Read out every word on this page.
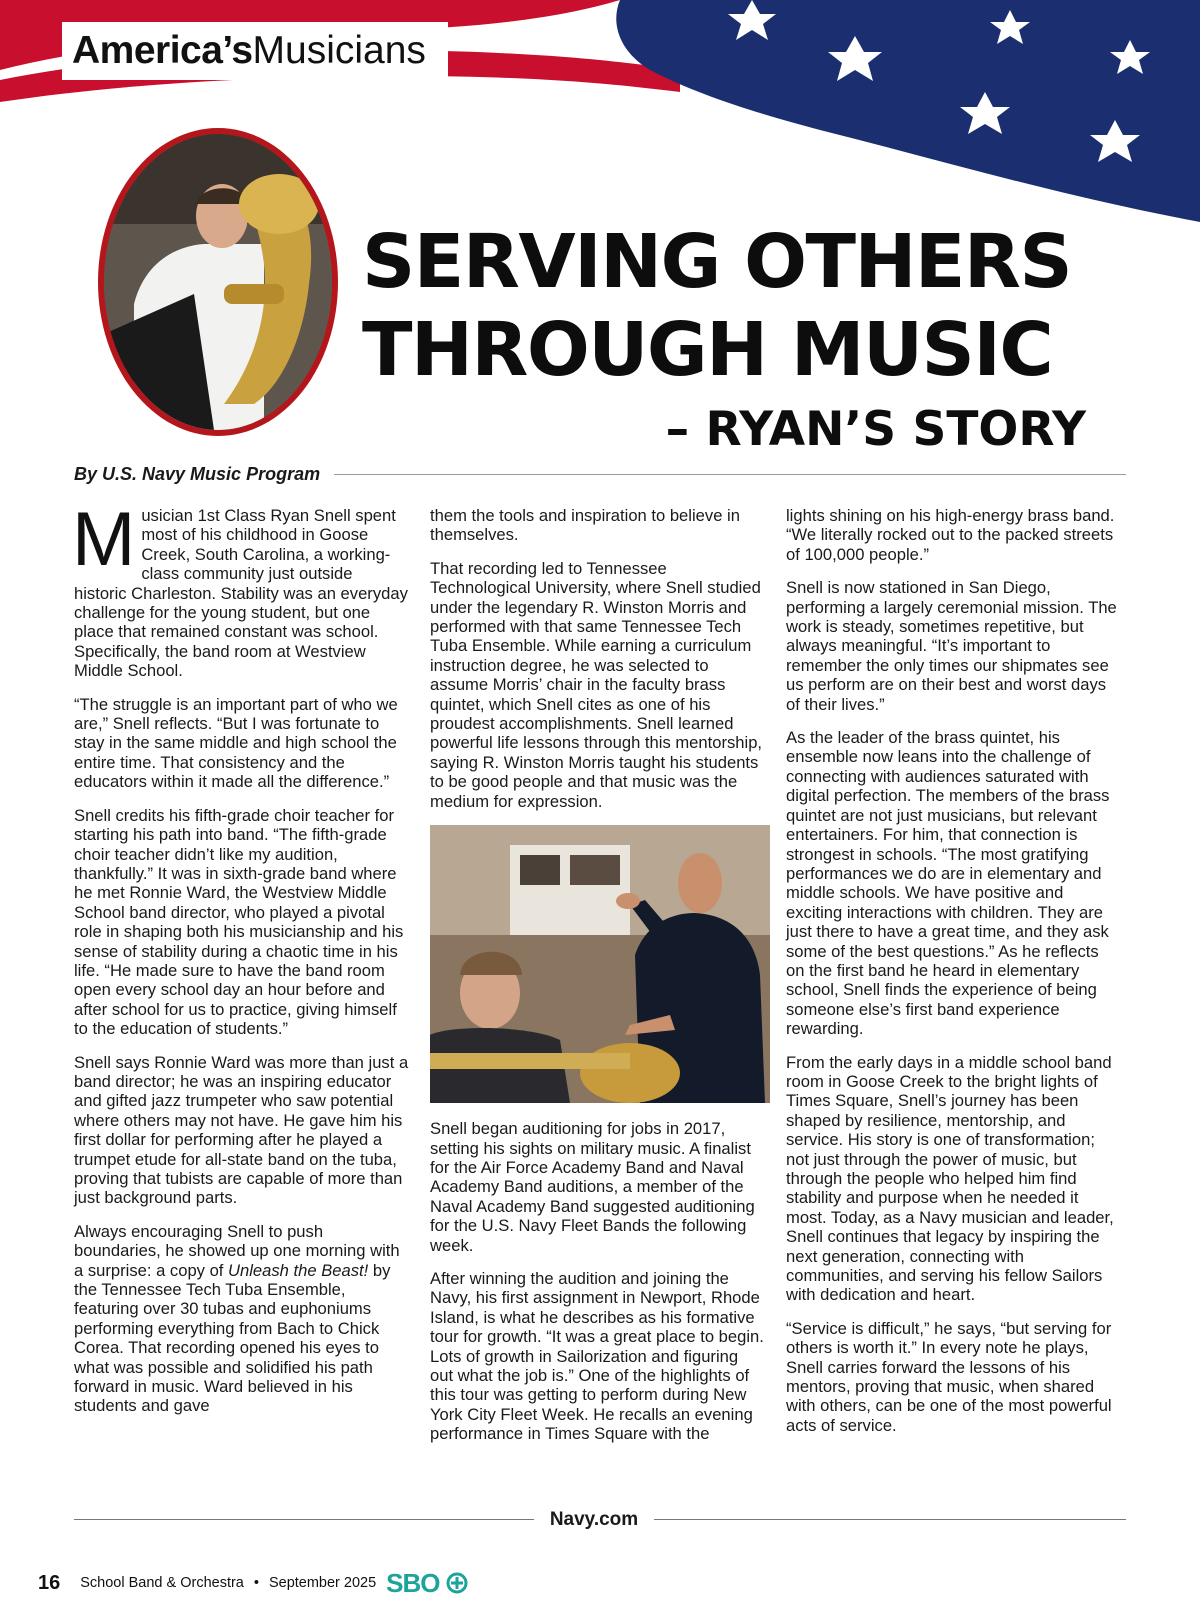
America’s Musicians
SERVING OTHERS
THROUGH MUSIC
– RYAN’S STORY
By U.S. Navy Music Program

Musician 1st Class Ryan Snell spent most of his childhood in Goose Creek, South Carolina, a working-class community just outside historic Charleston. Stability was an everyday challenge for the young student, but one place that remained constant was school. Specifically, the band room at Westview Middle School.

“The struggle is an important part of who we are,” Snell reflects. “But I was fortunate to stay in the same middle and high school the entire time. That consistency and the educators within it made all the difference.”

Snell credits his fifth-grade choir teacher for starting his path into band. “The fifth-grade choir teacher didn’t like my audition, thankfully.” It was in sixth-grade band where he met Ronnie Ward, the Westview Middle School band director, who played a pivotal role in shaping both his musicianship and his sense of stability during a chaotic time in his life. “He made sure to have the band room open every school day an hour before and after school for us to practice, giving himself to the education of students.”

Snell says Ronnie Ward was more than just a band director; he was an inspiring educator and gifted jazz trumpeter who saw potential where others may not have. He gave him his first dollar for performing after he played a trumpet etude for all-state band on the tuba, proving that tubists are capable of more than just background parts.

Always encouraging Snell to push boundaries, he showed up one morning with a surprise: a copy of Unleash the Beast! by the Tennessee Tech Tuba Ensemble, featuring over 30 tubas and euphoniums performing everything from Bach to Chick Corea. That recording opened his eyes to what was possible and solidified his path forward in music. Ward believed in his students and gave

them the tools and inspiration to believe in themselves.

That recording led to Tennessee Technological University, where Snell studied under the legendary R. Winston Morris and performed with that same Tennessee Tech Tuba Ensemble. While earning a curriculum instruction degree, he was selected to assume Morris’ chair in the faculty brass quintet, which Snell cites as one of his proudest accomplishments. Snell learned powerful life lessons through this mentorship, saying R. Winston Morris taught his students to be good people and that music was the medium for expression.

Snell began auditioning for jobs in 2017, setting his sights on military music. A finalist for the Air Force Academy Band and Naval Academy Band auditions, a member of the Naval Academy Band suggested auditioning for the U.S. Navy Fleet Bands the following week.

After winning the audition and joining the Navy, his first assignment in Newport, Rhode Island, is what he describes as his formative tour for growth. “It was a great place to begin. Lots of growth in Sailorization and figuring out what the job is.” One of the highlights of this tour was getting to perform during New York City Fleet Week. He recalls an evening performance in Times Square with the

lights shining on his high-energy brass band. “We literally rocked out to the packed streets of 100,000 people.”

Snell is now stationed in San Diego, performing a largely ceremonial mission. The work is steady, sometimes repetitive, but always meaningful. “It’s important to remember the only times our shipmates see us perform are on their best and worst days of their lives.”

As the leader of the brass quintet, his ensemble now leans into the challenge of connecting with audiences saturated with digital perfection. The members of the brass quintet are not just musicians, but relevant entertainers. For him, that connection is strongest in schools. “The most gratifying performances we do are in elementary and middle schools. We have positive and exciting interactions with children. They are just there to have a great time, and they ask some of the best questions.” As he reflects on the first band he heard in elementary school, Snell finds the experience of being someone else’s first band experience rewarding.

From the early days in a middle school band room in Goose Creek to the bright lights of Times Square, Snell’s journey has been shaped by resilience, mentorship, and service. His story is one of transformation; not just through the power of music, but through the people who helped him find stability and purpose when he needed it most. Today, as a Navy musician and leader, Snell continues that legacy by inspiring the next generation, connecting with communities, and serving his fellow Sailors with dedication and heart.

“Service is difficult,” he says, “but serving for others is worth it.” In every note he plays, Snell carries forward the lessons of his mentors, proving that music, when shared with others, can be one of the most powerful acts of service.

Navy.com
16 School Band & Orchestra • September 2025 SBO
